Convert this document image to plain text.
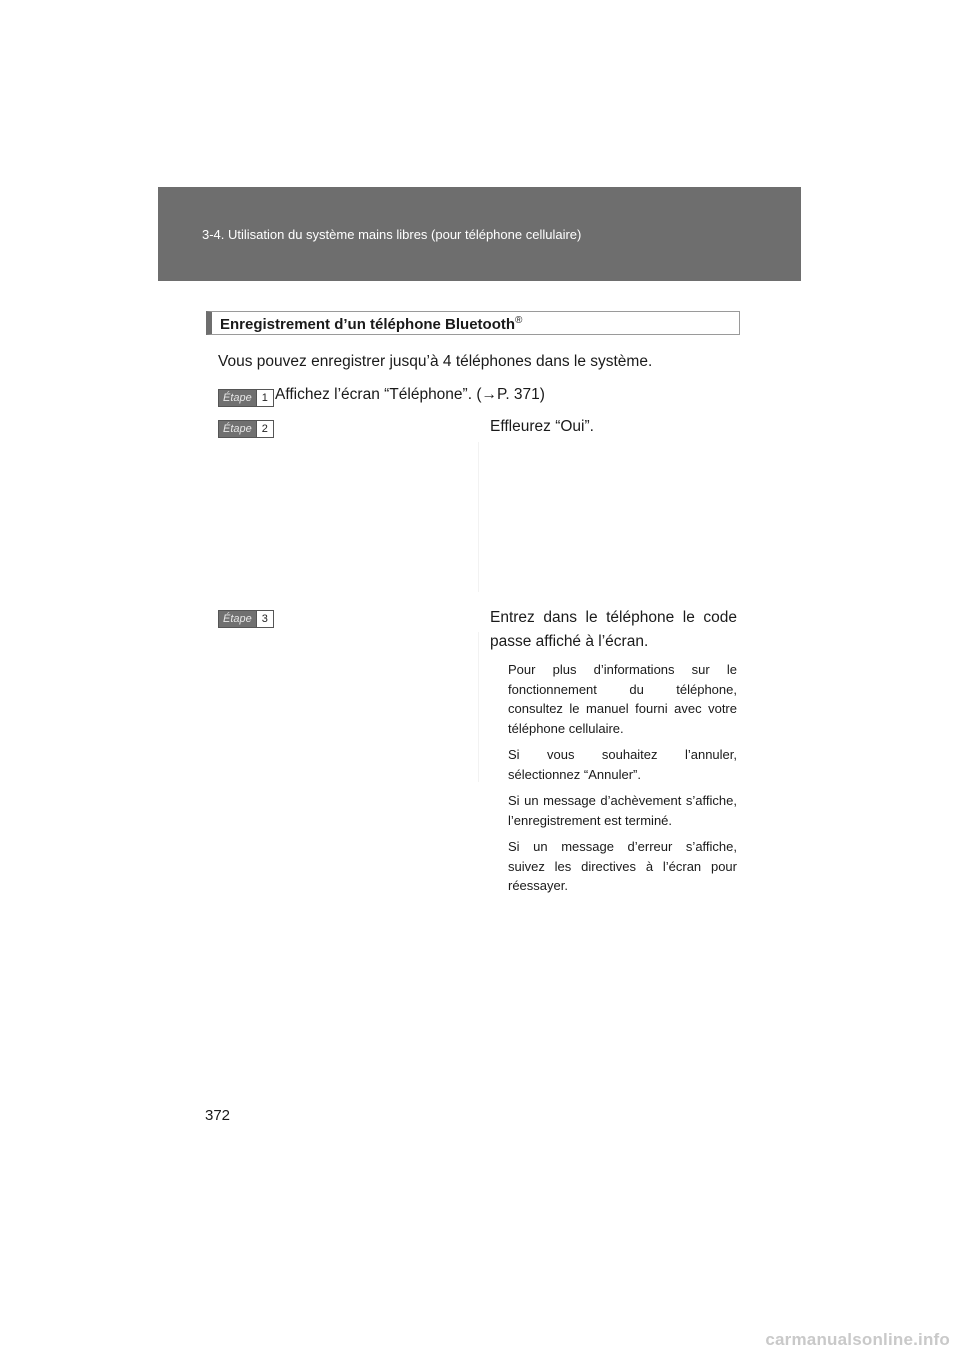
3-4. Utilisation du système mains libres (pour téléphone cellulaire)
Enregistrement d’un téléphone Bluetooth®
Vous pouvez enregistrer jusqu’à 4 téléphones dans le système.
Étape 1 Affichez l’écran “Téléphone”. (→P. 371)
Étape 2	Effleurez “Oui”.
Étape 3	Entrez dans le téléphone le code passe affiché à l’écran.

Pour plus d’informations sur le fonctionnement du téléphone, consultez le manuel fourni avec votre téléphone cellulaire.

Si vous souhaitez l’annuler, sélectionnez “Annuler”.

Si un message d’achèvement s’affiche, l’enregistrement est terminé.

Si un message d’erreur s’affiche, suivez les directives à l’écran pour réessayer.

372
carmanualsonline.info
